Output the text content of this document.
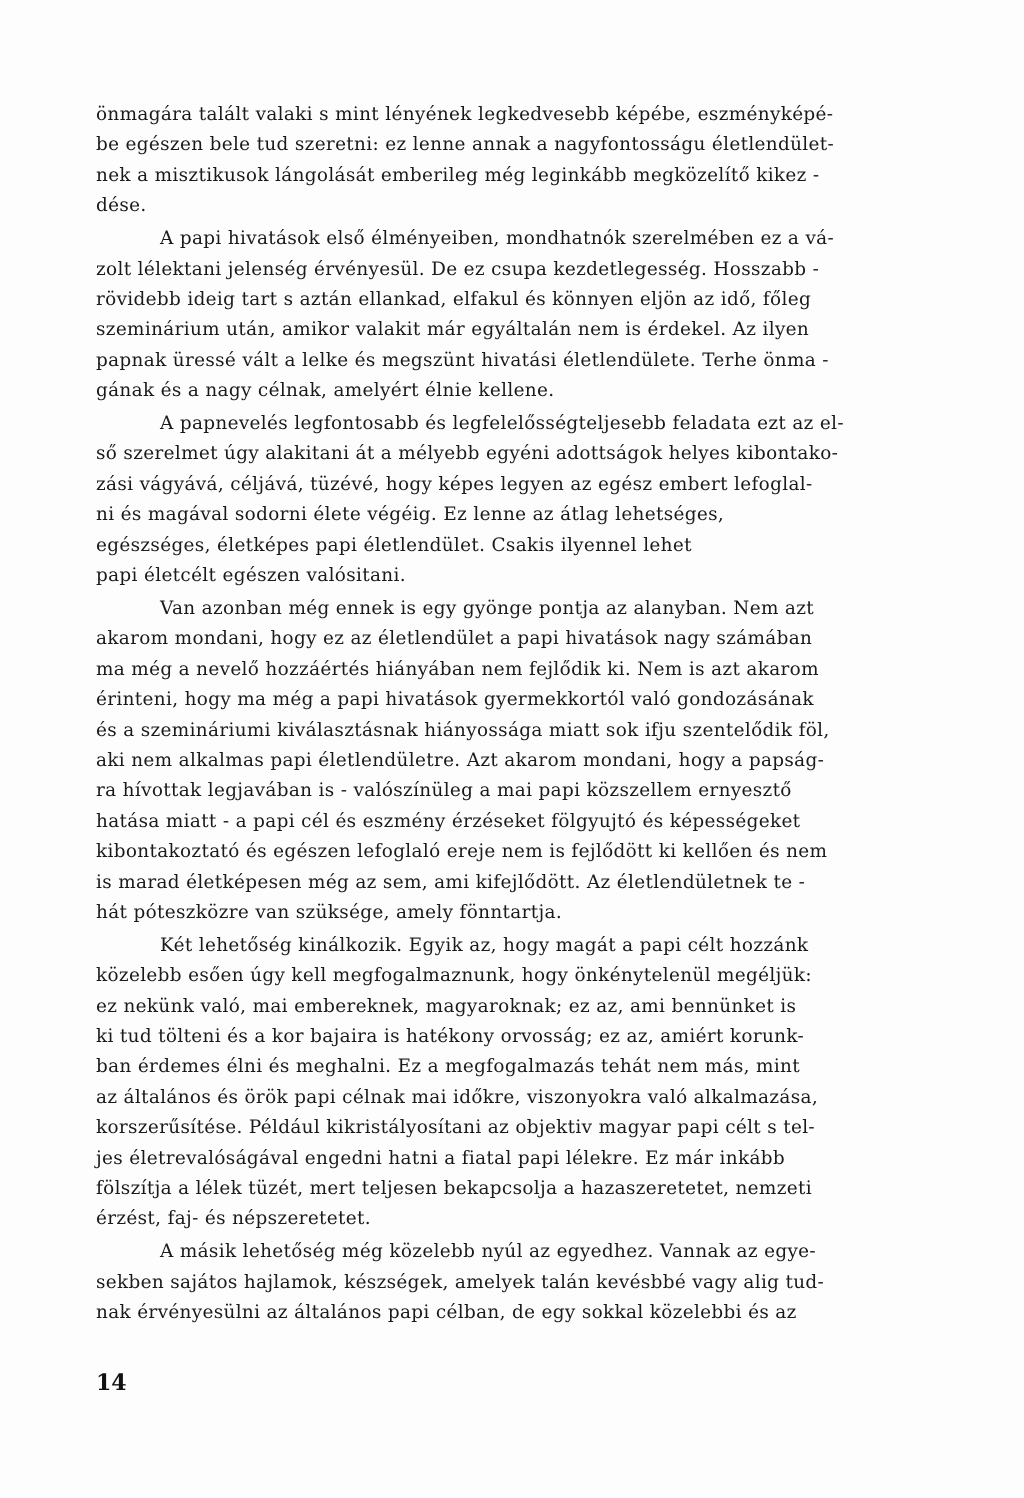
önmagára talált valaki s mint lényének legkedvesebb képébe, eszményképé-
be egészen bele tud szeretni: ez lenne annak a nagyfontosságu életlendület-
nek a misztikusok lángolását emberileg még leginkább megközelítő kikez -
dése.
A papi hivatások első élményeiben, mondhatnók szerelmében ez a vá-
zolt lélektani jelenség érvényesül. De ez csupa kezdetlegesség. Hosszabb -
rövidebb ideig tart s aztán ellankad, elfakul és könnyen eljön az idő, főleg
szeminárium után, amikor valakit már egyáltalán nem is érdekel. Az ilyen
papnak üressé vált a lelke és megszünt hivatási életlendülete. Terhe önma -
gának és a nagy célnak, amelyért élnie kellene.
A papnevelés legfontosabb és legfelelősségteljesebb feladata ezt az el-
ső szerelmet úgy alakitani át a mélyebb egyéni adottságok helyes kibontako-
zási vágyává, céljává, tüzévé, hogy képes legyen az egész embert lefoglal-
ni és magával sodorni élete végéig. Ez lenne az átlag lehetséges,
egészséges, életképes papi életlendület. Csakis ilyennel lehet
papi életcélt egészen valósitani.
Van azonban még ennek is egy gyönge pontja az alanyban. Nem azt
akarom mondani, hogy ez az életlendület a papi hivatások nagy számában
ma még a nevelő hozzáértés hiányában nem fejlődik ki. Nem is azt akarom
érinteni, hogy ma még a papi hivatások gyermekkortól való gondozásának
és a szemináriumi kiválasztásnak hiányossága miatt sok ifju szentelődik föl,
aki nem alkalmas papi életlendületre. Azt akarom mondani, hogy a papság-
ra hívottak legjavában is - valószínüleg a mai papi közszellem ernyesztő
hatása miatt - a papi cél és eszmény érzéseket fölgyujtó és képességeket
kibontakoztató és egészen lefoglaló ereje nem is fejlődött ki kellően és nem
is marad életképesen még az sem, ami kifejlődött. Az életlendületnek te -
hát póteszközre van szüksége, amely fönntartja.
Két lehetőség kinálkozik. Egyik az, hogy magát a papi célt hozzánk
közelebb esően úgy kell megfogalmaznunk, hogy önkénytelenül megéljük:
ez nekünk való, mai embereknek, magyaroknak; ez az, ami bennünket is
ki tud tölteni és a kor bajaira is hatékony orvosság; ez az, amiért korunk-
ban érdemes élni és meghalni. Ez a megfogalmazás tehát nem más, mint
az általános és örök papi célnak mai időkre, viszonyokra való alkalmazása,
korszerűsítése. Például kikristályosítani az objektiv magyar papi célt s tel-
jes életrevalóságával engedni hatni a fiatal papi lélekre. Ez már inkább
fölszítja a lélek tüzét, mert teljesen bekapcsolja a hazaszeretetet, nemzeti
érzést, faj- és népszeretetet.
A másik lehetőség még közelebb nyúl az egyedhez. Vannak az egye-
sekben sajátos hajlamok, készségek, amelyek talán kevésbbé vagy alig tud-
nak érvényesülni az általános papi célban, de egy sokkal közelebbi és az
14
